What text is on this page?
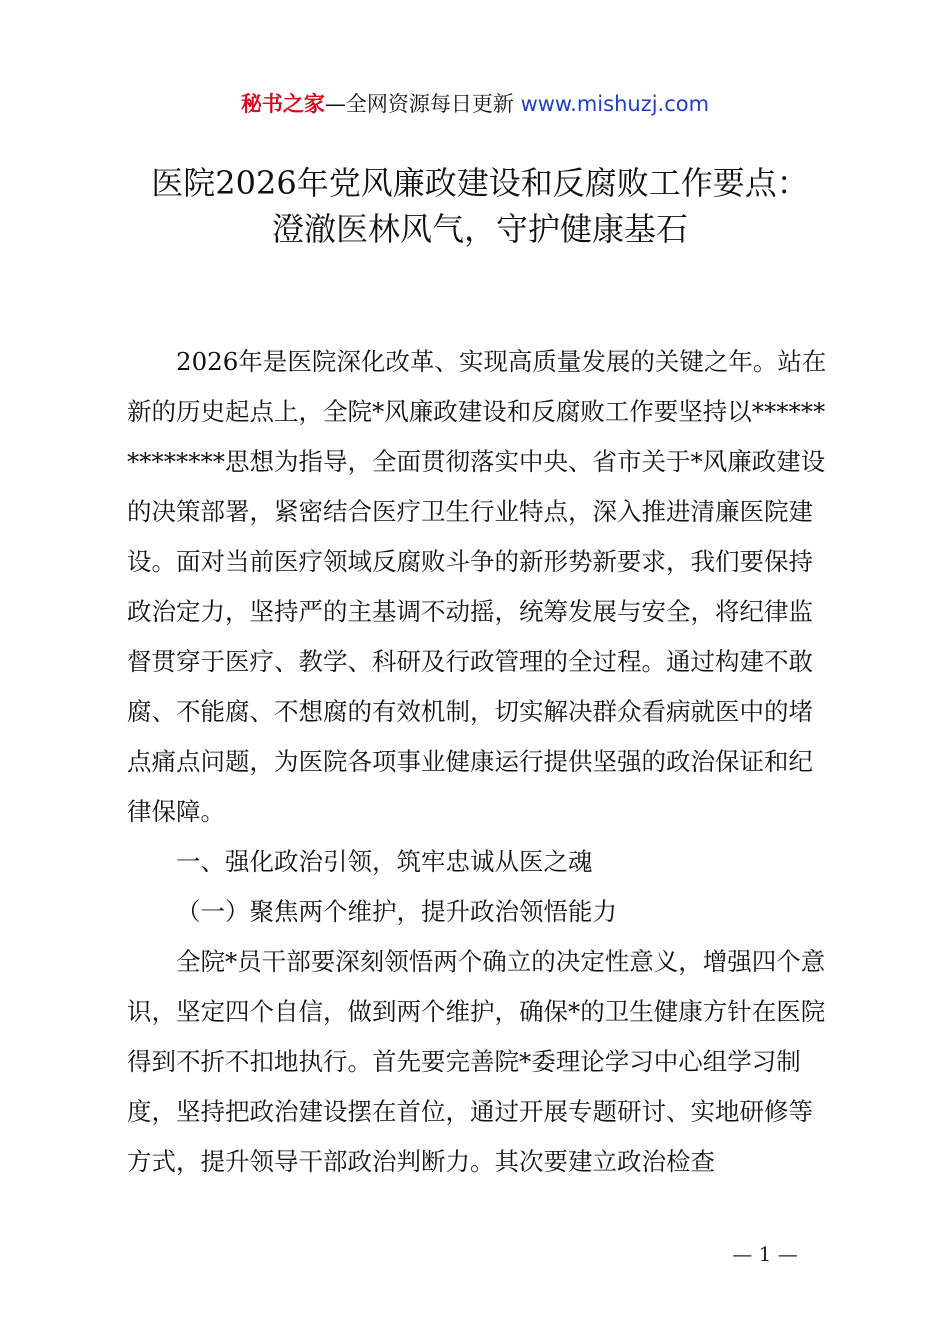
秘书之家—全网资源每日更新 www.mishuzj.com
医院2026年党风廉政建设和反腐败工作要点：
澄澈医林风气，守护健康基石

2026年是医院深化改革、实现高质量发展的关键之年。站在新的历史起点上，全院*风廉政建设和反腐败工作要坚持以**************思想为指导，全面贯彻落实中央、省市关于*风廉政建设的决策部署，紧密结合医疗卫生行业特点，深入推进清廉医院建设。面对当前医疗领域反腐败斗争的新形势新要求，我们要保持政治定力，坚持严的主基调不动摇，统筹发展与安全，将纪律监督贯穿于医疗、教学、科研及行政管理的全过程。通过构建不敢腐、不能腐、不想腐的有效机制，切实解决群众看病就医中的堵点痛点问题，为医院各项事业健康运行提供坚强的政治保证和纪律保障。

一、强化政治引领，筑牢忠诚从医之魂

（一）聚焦两个维护，提升政治领悟能力

全院*员干部要深刻领悟两个确立的决定性意义，增强四个意识，坚定四个自信，做到两个维护，确保*的卫生健康方针在医院得到不折不扣地执行。首先要完善院*委理论学习中心组学习制度，坚持把政治建设摆在首位，通过开展专题研讨、实地研修等方式，提升领导干部政治判断力。其次要建立政治检查

— 1 —
